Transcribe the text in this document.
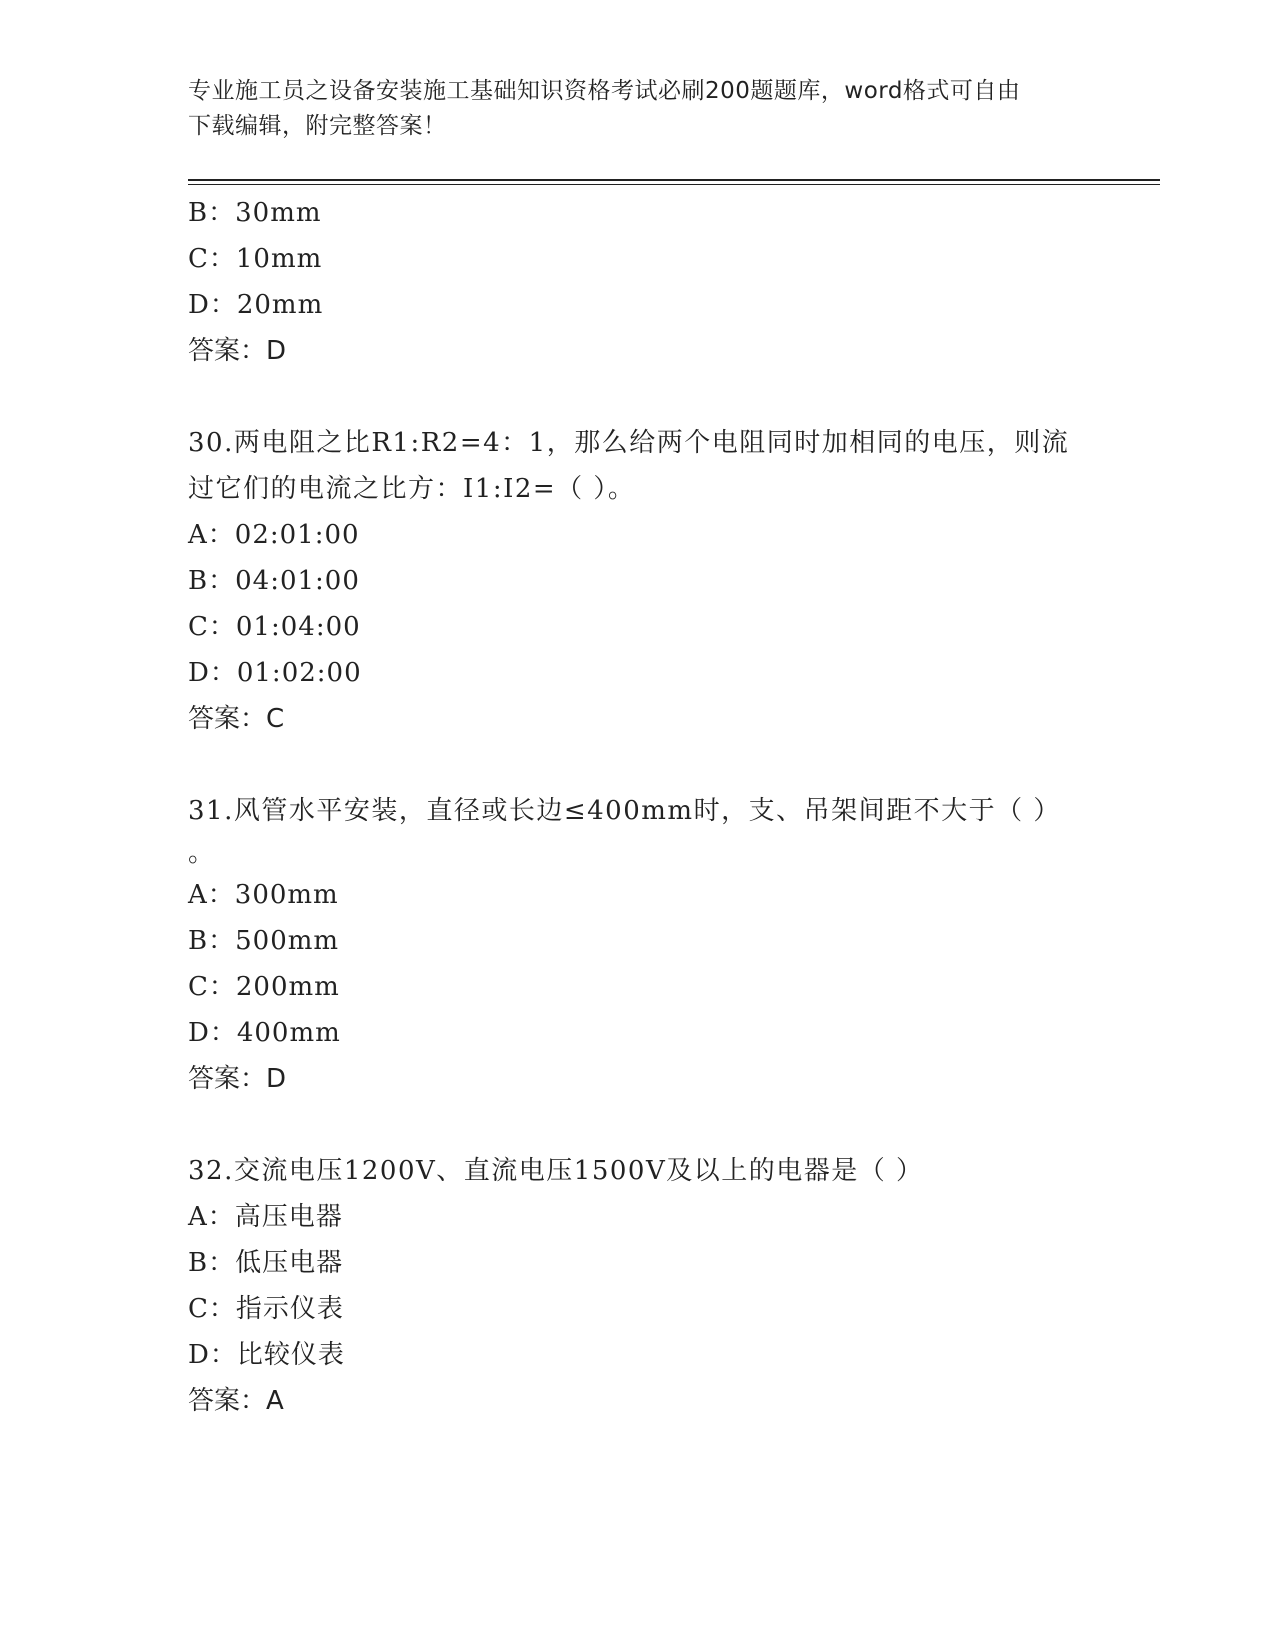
专业施工员之设备安装施工基础知识资格考试必刷200题题库，word格式可自由
下载编辑，附完整答案！
B：30mm
C：10mm
D：20mm
答案：D
30.两电阻之比R1:R2=4：1，那么给两个电阻同时加相同的电压，则流
过它们的电流之比方：I1:I2=（ ）。
A：02:01:00
B：04:01:00
C：01:04:00
D：01:02:00
答案：C
31.风管水平安装，直径或长边≤400mm时，支、吊架间距不大于（ ）
。
A：300mm
B：500mm
C：200mm
D：400mm
答案：D
32.交流电压1200V、直流电压1500V及以上的电器是（ ）
A：高压电器
B：低压电器
C：指示仪表
D：比较仪表
答案：A
